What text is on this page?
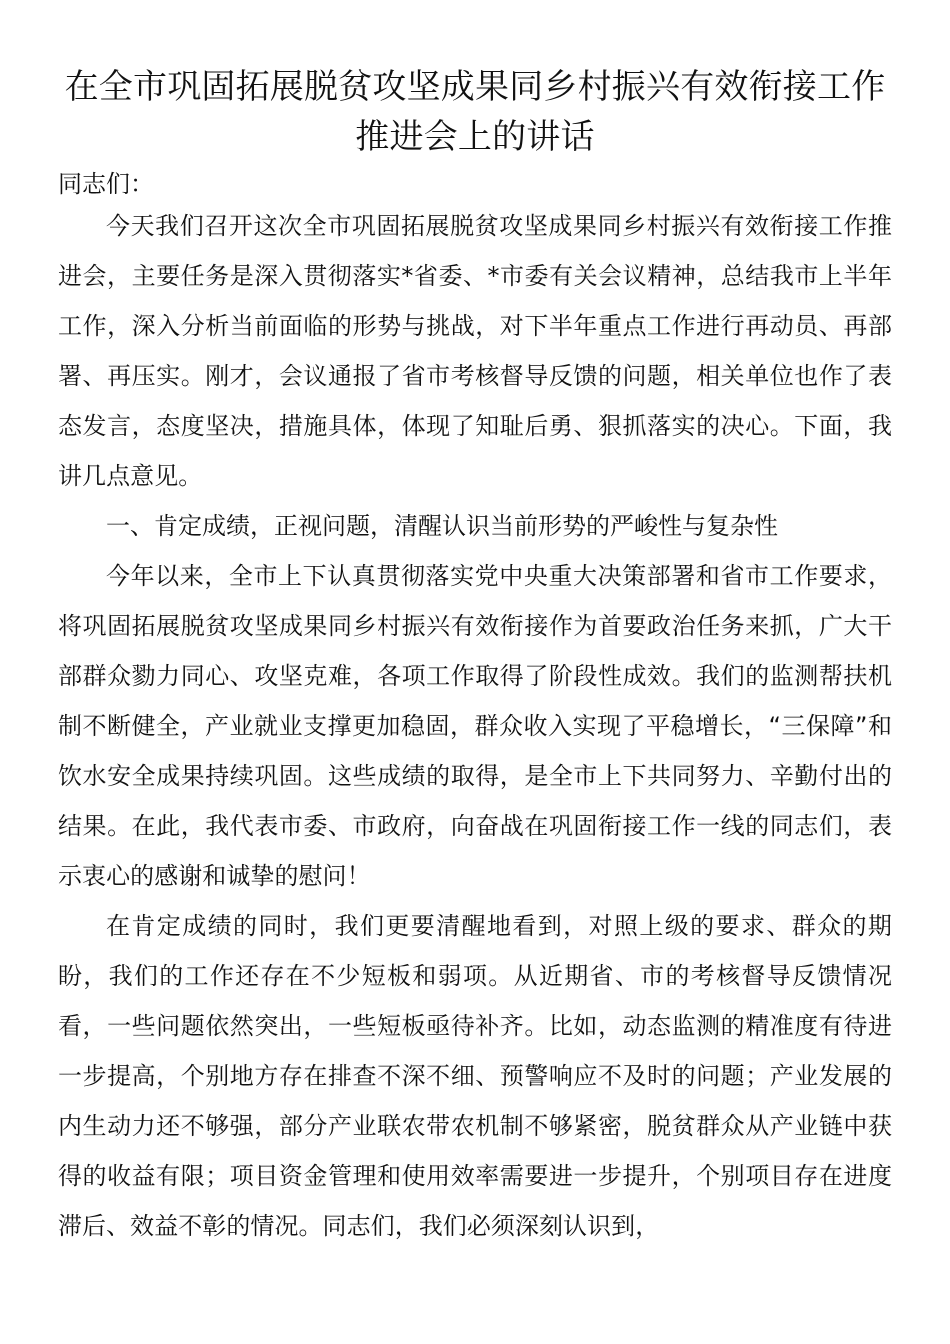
在全市巩固拓展脱贫攻坚成果同乡村振兴有效衔接工作推进会上的讲话

同志们：

今天我们召开这次全市巩固拓展脱贫攻坚成果同乡村振兴有效衔接工作推进会，主要任务是深入贯彻落实*省委、*市委有关会议精神，总结我市上半年工作，深入分析当前面临的形势与挑战，对下半年重点工作进行再动员、再部署、再压实。刚才，会议通报了省市考核督导反馈的问题，相关单位也作了表态发言，态度坚决，措施具体，体现了知耻后勇、狠抓落实的决心。下面，我讲几点意见。

一、肯定成绩，正视问题，清醒认识当前形势的严峻性与复杂性

今年以来，全市上下认真贯彻落实党中央重大决策部署和省市工作要求，将巩固拓展脱贫攻坚成果同乡村振兴有效衔接作为首要政治任务来抓，广大干部群众勠力同心、攻坚克难，各项工作取得了阶段性成效。我们的监测帮扶机制不断健全，产业就业支撑更加稳固，群众收入实现了平稳增长，“三保障”和饮水安全成果持续巩固。这些成绩的取得，是全市上下共同努力、辛勤付出的结果。在此，我代表市委、市政府，向奋战在巩固衔接工作一线的同志们，表示衷心的感谢和诚挚的慰问！

在肯定成绩的同时，我们更要清醒地看到，对照上级的要求、群众的期盼，我们的工作还存在不少短板和弱项。从近期省、市的考核督导反馈情况看，一些问题依然突出，一些短板亟待补齐。比如，动态监测的精准度有待进一步提高，个别地方存在排查不深不细、预警响应不及时的问题；产业发展的内生动力还不够强，部分产业联农带农机制不够紧密，脱贫群众从产业链中获得的收益有限；项目资金管理和使用效率需要进一步提升，个别项目存在进度滞后、效益不彰的情况。同志们，我们必须深刻认识到，
